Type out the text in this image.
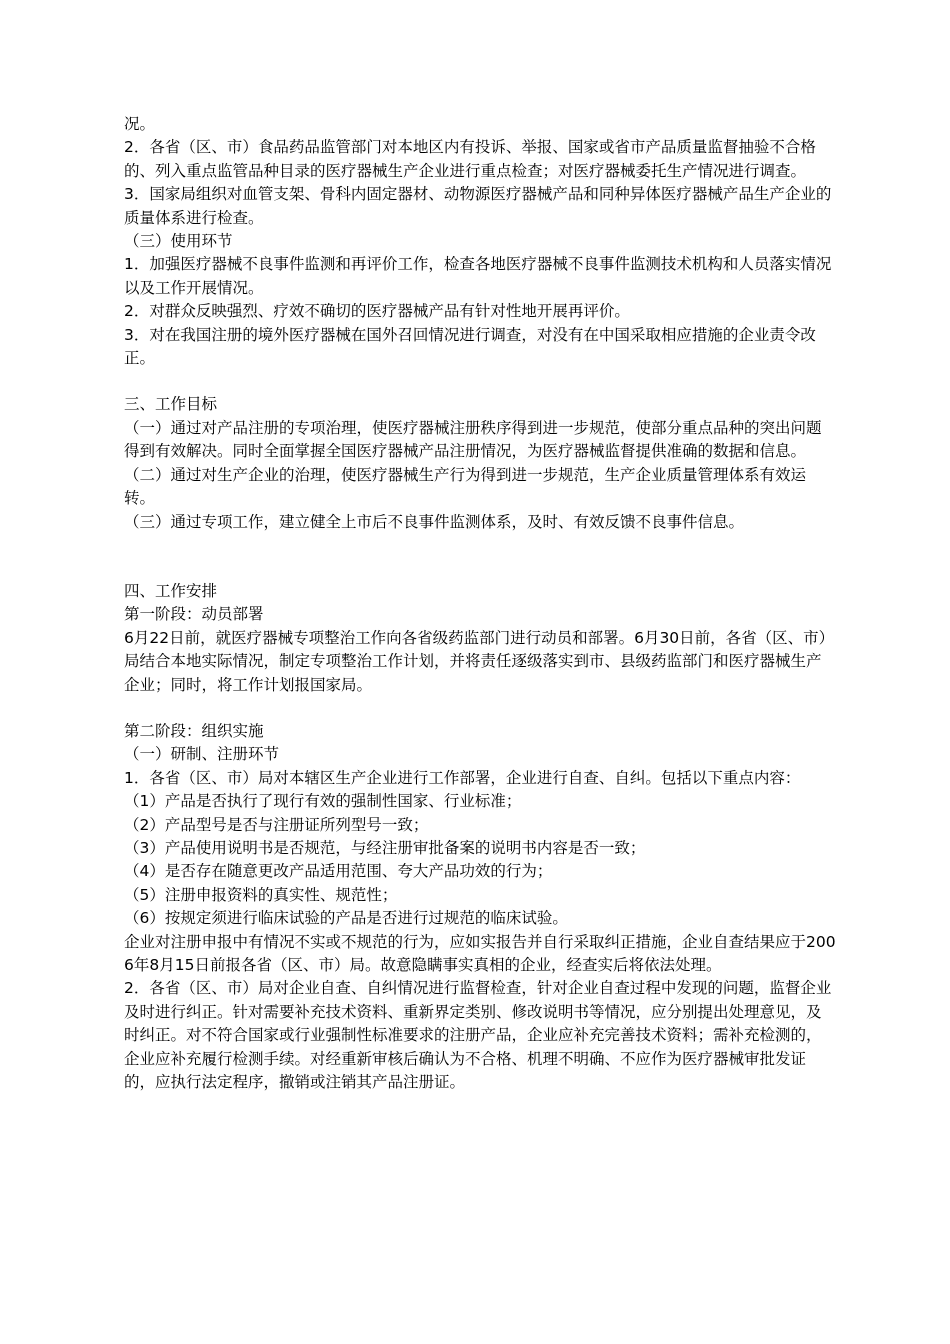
况。

2．各省（区、市）食品药品监管部门对本地区内有投诉、举报、国家或省市产品质量监督抽验不合格的、列入重点监管品种目录的医疗器械生产企业进行重点检查；对医疗器械委托生产情况进行调查。

3．国家局组织对血管支架、骨科内固定器材、动物源医疗器械产品和同种异体医疗器械产品生产企业的质量体系进行检查。

（三）使用环节

1．加强医疗器械不良事件监测和再评价工作，检查各地医疗器械不良事件监测技术机构和人员落实情况以及工作开展情况。

2．对群众反映强烈、疗效不确切的医疗器械产品有针对性地开展再评价。

3．对在我国注册的境外医疗器械在国外召回情况进行调查，对没有在中国采取相应措施的企业责令改正。

三、工作目标

（一）通过对产品注册的专项治理，使医疗器械注册秩序得到进一步规范，使部分重点品种的突出问题得到有效解决。同时全面掌握全国医疗器械产品注册情况，为医疗器械监督提供准确的数据和信息。

（二）通过对生产企业的治理，使医疗器械生产行为得到进一步规范，生产企业质量管理体系有效运转。

（三）通过专项工作，建立健全上市后不良事件监测体系，及时、有效反馈不良事件信息。

四、工作安排

第一阶段：动员部署

6月22日前，就医疗器械专项整治工作向各省级药监部门进行动员和部署。6月30日前，各省（区、市）局结合本地实际情况，制定专项整治工作计划，并将责任逐级落实到市、县级药监部门和医疗器械生产企业；同时，将工作计划报国家局。

第二阶段：组织实施

（一）研制、注册环节

1．各省（区、市）局对本辖区生产企业进行工作部署，企业进行自查、自纠。包括以下重点内容：

（1）产品是否执行了现行有效的强制性国家、行业标准；

（2）产品型号是否与注册证所列型号一致；

（3）产品使用说明书是否规范，与经注册审批备案的说明书内容是否一致；

（4）是否存在随意更改产品适用范围、夸大产品功效的行为；

（5）注册申报资料的真实性、规范性；

（6）按规定须进行临床试验的产品是否进行过规范的临床试验。

企业对注册申报中有情况不实或不规范的行为，应如实报告并自行采取纠正措施，企业自查结果应于2006年8月15日前报各省（区、市）局。故意隐瞒事实真相的企业，经查实后将依法处理。

2．各省（区、市）局对企业自查、自纠情况进行监督检查，针对企业自查过程中发现的问题，监督企业及时进行纠正。针对需要补充技术资料、重新界定类别、修改说明书等情况，应分别提出处理意见，及时纠正。对不符合国家或行业强制性标准要求的注册产品，企业应补充完善技术资料；需补充检测的，企业应补充履行检测手续。对经重新审核后确认为不合格、机理不明确、不应作为医疗器械审批发证的，应执行法定程序，撤销或注销其产品注册证。
